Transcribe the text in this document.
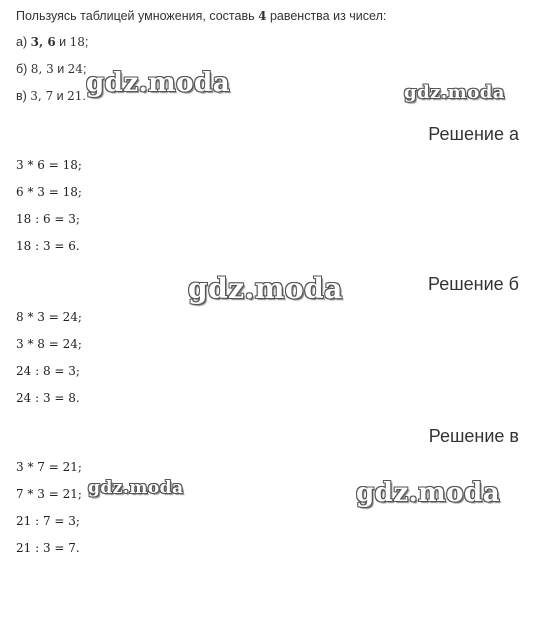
Пользуясь таблицей умножения, составь 4 равенства из чисел:
а) 3, 6 и 18;
б) 8, 3 и 24;
в) 3, 7 и 21.
Решение а
3 * 6 = 18;
6 * 3 = 18;
18 : 6 = 3;
18 : 3 = 6.
Решение б
8 * 3 = 24;
3 * 8 = 24;
24 : 8 = 3;
24 : 3 = 8.
Решение в
3 * 7 = 21;
7 * 3 = 21;
21 : 7 = 3;
21 : 3 = 7.
gdz.moda	gdz.moda
gdz.moda
gdz.moda	gdz.moda
